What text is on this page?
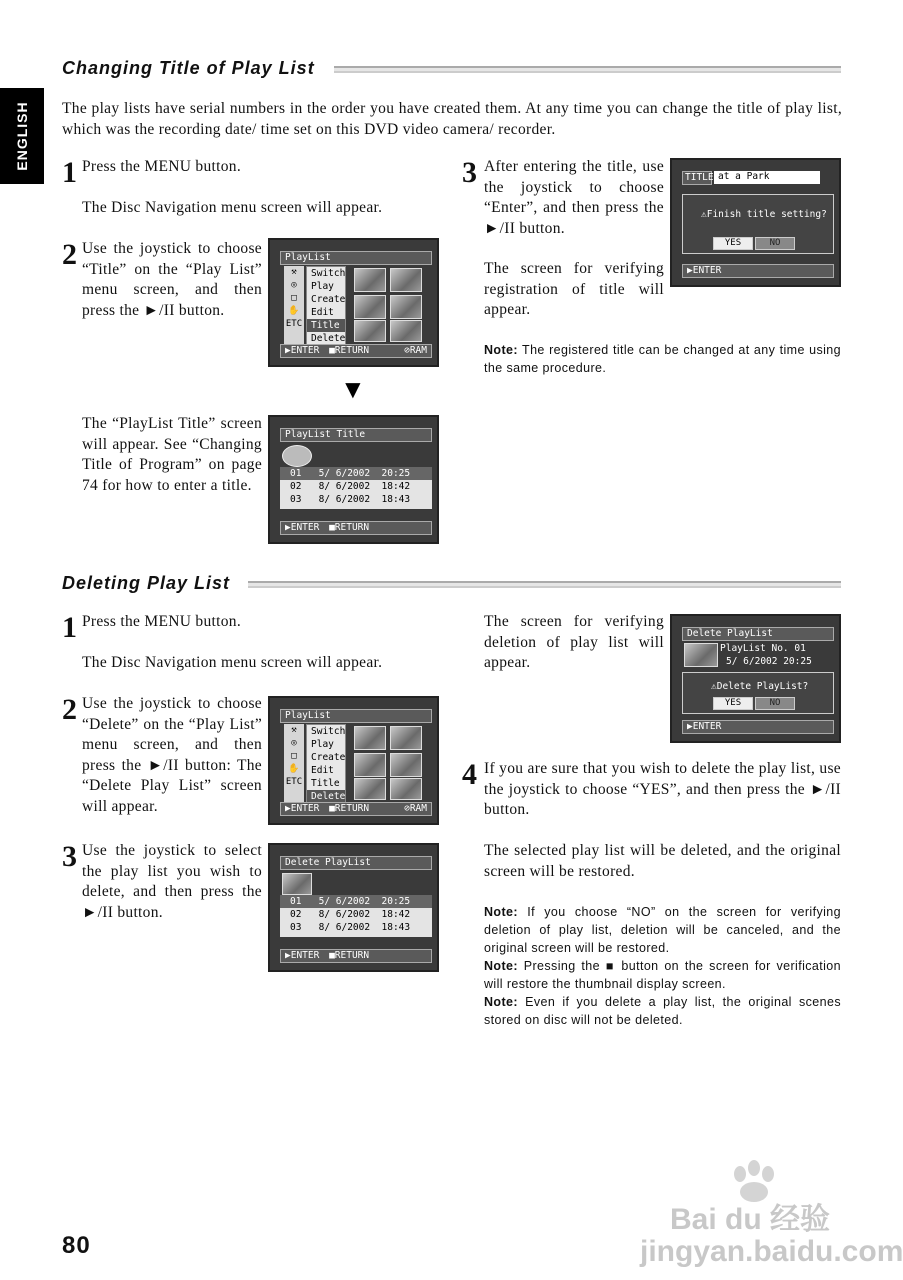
ENGLISH
Changing Title of Play List
The play lists have serial numbers in the order you have created them. At any time you can change the title of play list, which was the recording date/ time set on this DVD video camera/ recorder.
1 Press the MENU button.
The Disc Navigation menu screen will appear.
2 Use the joystick to choose “Title” on the “Play List” menu screen, and then press the ►/II button.
PlayList
⚒
◎
□
✋
ETC
Switch
Play
Create
Edit
Title
Delete
▶ENTER ■RETURN	⊘RAM
▼
The “PlayList Title” screen will appear. See “Changing Title of Program” on page 74 for how to enter a title.
PlayList Title
01   5/ 6/2002  20:25
02   8/ 6/2002  18:42
03   8/ 6/2002  18:43
▶ENTER ■RETURN
3 After entering the title, use the joystick to choose “Enter”, and then press the ►/II button.
The screen for verifying registration of title will appear.
TITLE at a Park
⚠Finish title setting?
YES	NO
▶ENTER
Note: The registered title can be changed at any time using the same procedure.
Deleting Play List
1 Press the MENU button.
The Disc Navigation menu screen will appear.
2 Use the joystick to choose “Delete” on the “Play List” menu screen, and then press the ►/II button: The “Delete Play List” screen will appear.
PlayList
⚒
◎
□
✋
ETC
Switch
Play
Create
Edit
Title
Delete
▶ENTER ■RETURN	⊘RAM
3 Use the joystick to select the play list you wish to delete, and then press the ►/II button.
Delete PlayList
01   5/ 6/2002  20:25
02   8/ 6/2002  18:42
03   8/ 6/2002  18:43
▶ENTER ■RETURN
The screen for verifying deletion of play list will appear.
Delete PlayList
PlayList No. 01
5/ 6/2002 20:25
⚠Delete PlayList?
YES	NO
▶ENTER
4 If you are sure that you wish to delete the play list, use the joystick to choose “YES”, and then press the ►/II button.
The selected play list will be deleted, and the original screen will be restored.
Note: If you choose “NO” on the screen for verifying deletion of play list, deletion will be canceled, and the original screen will be restored.
Note: Pressing the ■ button on the screen for verification will restore the thumbnail display screen.
Note: Even if you delete a play list, the original scenes stored on disc will not be deleted.
Bai du 经验 jingyan.baidu.com
80
